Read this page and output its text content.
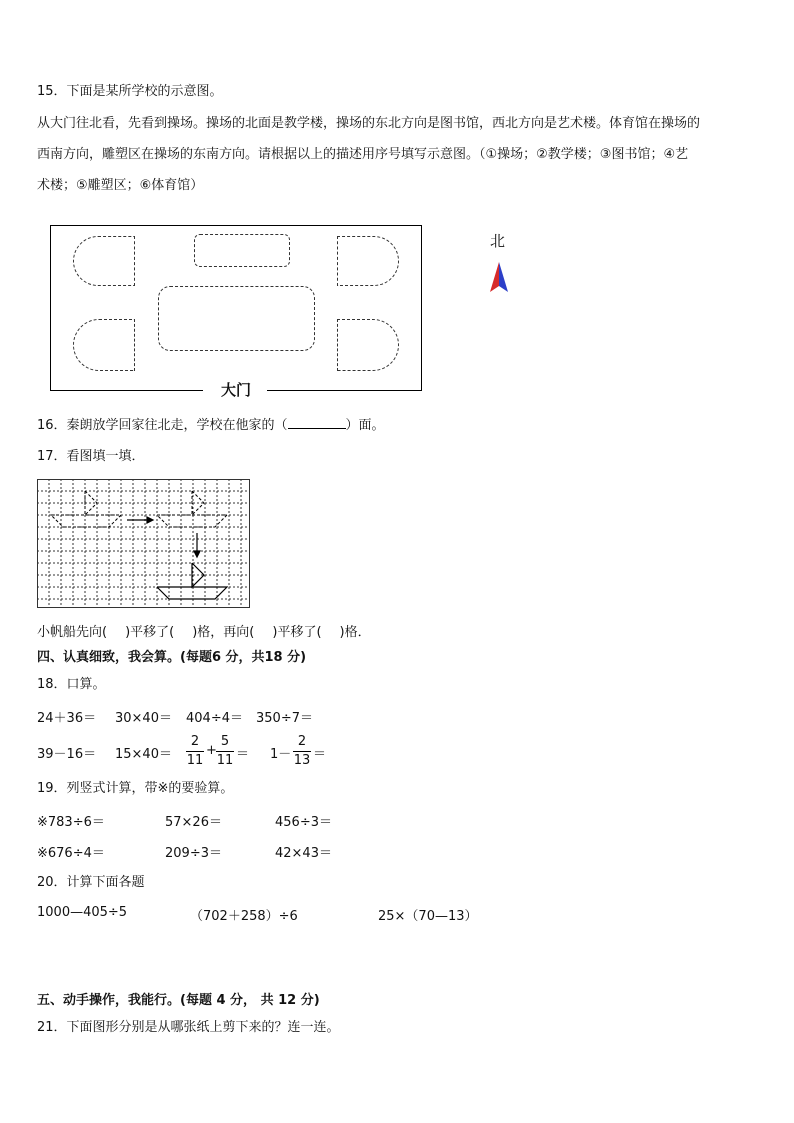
15．下面是某所学校的示意图。
从大门往北看，先看到操场。操场的北面是教学楼，操场的东北方向是图书馆，西北方向是艺术楼。体育馆在操场的
西南方向，雕塑区在操场的东南方向。请根据以上的描述用序号填写示意图。（①操场；②教学楼；③图书馆；④艺
术楼；⑤雕塑区；⑥体育馆）
大门
北
16．秦朗放学回家往北走，学校在他家的（	）面。
17．看图填一填．
小帆船先向( )平移了( )格，再向( )平移了( )格．
四、认真细致，我会算。(每题6 分，共18 分)
18．口算。
24＋36＝ 30×40＝ 404÷4＝ 350÷7＝
$39-16= 15\times 40= \frac{2}{11} + \frac{5}{11} = 1- \frac{2}{13}$ ＝
19．列竖式计算，带※的要验算。
※783÷6＝	57×26＝	456÷3＝
※676÷4＝	209÷3＝	42×43＝
20．计算下面各题
1000—405÷5	（702＋258）÷6	25×（70—13）
五、动手操作，我能行。(每题 4 分， 共 12 分)
21．下面图形分别是从哪张纸上剪下来的？连一连。
